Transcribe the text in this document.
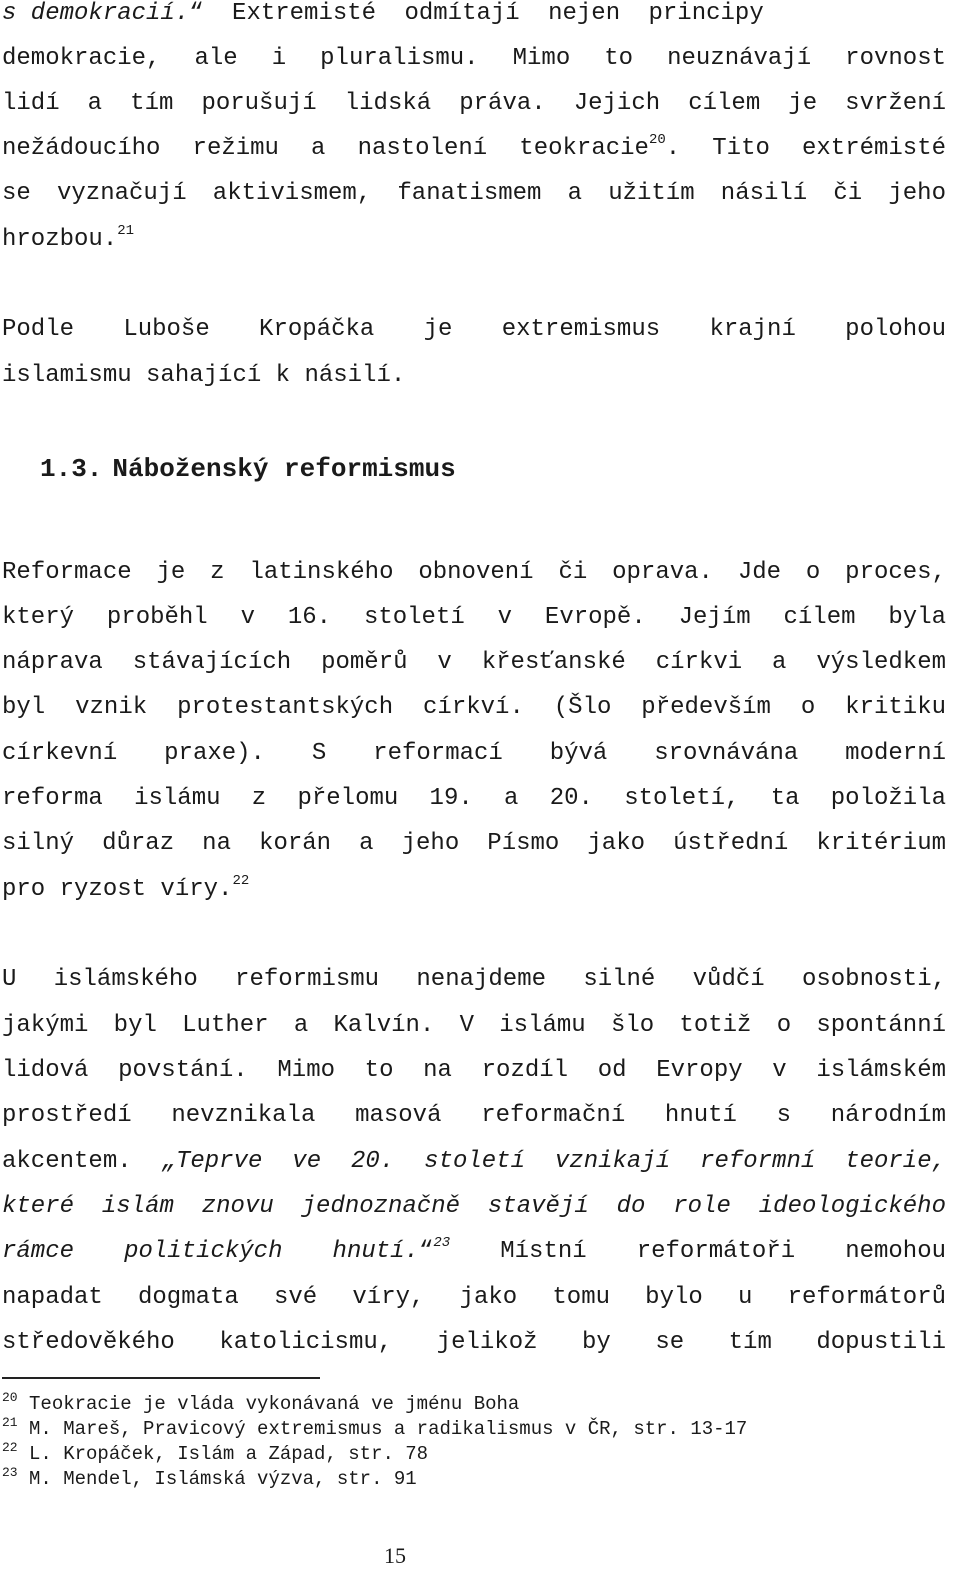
s demokracií.“ Extremisté odmítají nejen principy
demokracie, ale i pluralismu. Mimo to neuznávají rovnost
lidí a tím porušují lidská práva. Jejich cílem je svržení
nežádoucího režimu a nastolení teokracie$^{20}$. Tito extrémisté
se vyznačují aktivismem, fanatismem a užitím násilí či jeho
hrozbou.$^{21}$
Podle Luboše Kropáčka je extremismus krajní polohou
islamismu sahající k násilí.
1.3. Náboženský reformismus
Reformace je z latinského obnovení či oprava. Jde o proces,
který proběhl v 16. století v Evropě. Jejím cílem byla
náprava stávajících poměrů v křesťanské církvi a výsledkem
byl vznik protestantských církví. (Šlo především o kritiku
církevní praxe). S reformací bývá srovnávána moderní
reforma islámu z přelomu 19. a 20. století, ta položila
silný důraz na korán a jeho Písmo jako ústřední kritérium
pro ryzost víry.$^{22}$
U islámského reformismu nenajdeme silné vůdčí osobnosti,
jakými byl Luther a Kalvín. V islámu šlo totiž o spontánní
lidová povstání. Mimo to na rozdíl od Evropy v islámském
prostředí nevznikala masová reformační hnutí s národním
akcentem. „Teprve ve 20. století vznikají reformní teorie,
které islám znovu jednoznačně stavějí do role ideologického
rámce politických hnutí.“$^{23}$ Místní reformátoři nemohou
napadat dogmata své víry, jako tomu bylo u reformátorů
středověkého katolicismu, jelikož by se tím dopustili
$^{20}$ Teokracie je vláda vykonávaná ve jménu Boha
$^{21}$ M. Mareš, Pravicový extremismus a radikalismus v ČR, str. 13-17
$^{22}$ L. Kropáček, Islám a Západ, str. 78
$^{23}$ M. Mendel, Islámská výzva, str. 91
15
